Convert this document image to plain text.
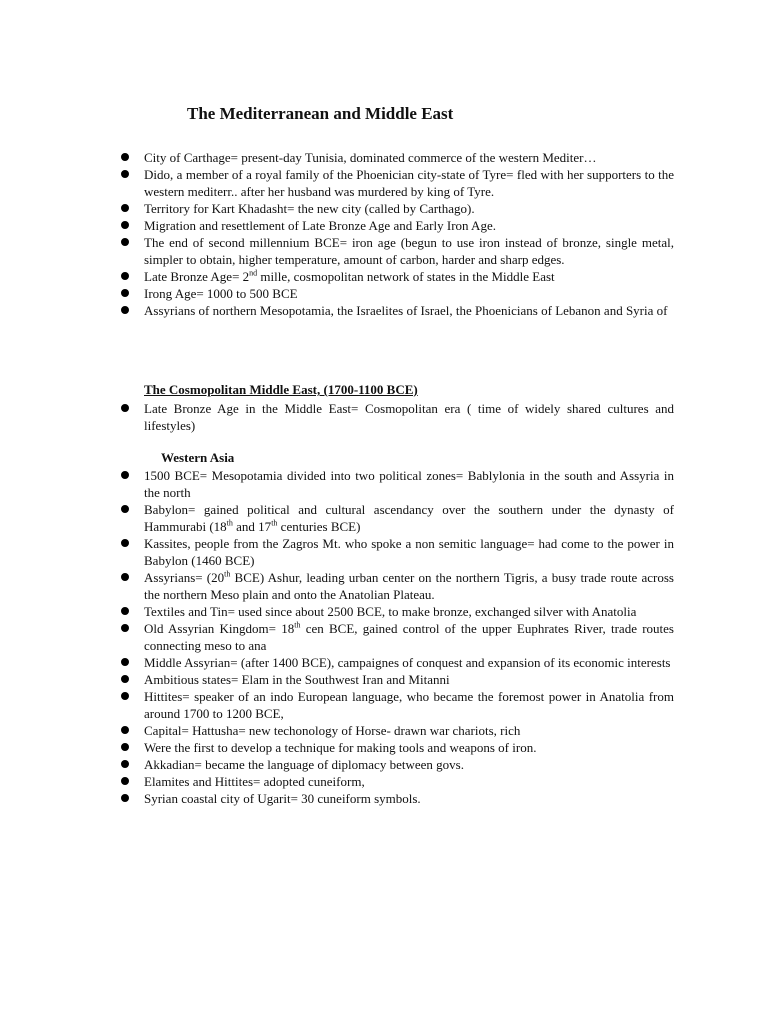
The Mediterranean and Middle East
City of Carthage= present-day Tunisia, dominated commerce of the western Mediter…
Dido, a member of a royal family of the Phoenician city-state of Tyre= fled with her supporters to the western mediterr.. after her husband was murdered by king of Tyre.
Territory for Kart Khadasht= the new city (called by Carthago).
Migration and resettlement of Late Bronze Age and Early Iron Age.
The end of second millennium BCE= iron age (begun to use iron instead of bronze, single metal, simpler to obtain, higher temperature, amount of carbon, harder and sharp edges.
Late Bronze Age= 2nd mille, cosmopolitan network of states in the Middle East
Irong Age= 1000 to 500 BCE
Assyrians of northern Mesopotamia, the Israelites of Israel, the Phoenicians of Lebanon and Syria of
The Cosmopolitan Middle East, (1700-1100 BCE)
Late Bronze Age in the Middle East= Cosmopolitan era ( time of widely shared cultures and lifestyles)
Western Asia
1500 BCE= Mesopotamia divided into two political zones= Bablylonia in the south and Assyria in the north
Babylon= gained political and cultural ascendancy over the southern under the dynasty of Hammurabi (18th and 17th centuries BCE)
Kassites, people from the Zagros Mt. who spoke a non semitic language= had come to the power in Babylon (1460 BCE)
Assyrians= (20th BCE) Ashur, leading urban center on the northern Tigris, a busy trade route across the northern Meso plain and onto the Anatolian Plateau.
Textiles and Tin= used since about 2500 BCE, to make bronze, exchanged silver with Anatolia
Old Assyrian Kingdom= 18th cen BCE, gained control of the upper Euphrates River, trade routes connecting meso to ana
Middle Assyrian= (after 1400 BCE), campaignes of conquest and expansion of its economic interests
Ambitious states= Elam in the Southwest Iran and Mitanni
Hittites= speaker of an indo European language, who became the foremost power in Anatolia from around 1700 to 1200 BCE,
Capital= Hattusha= new techonology of Horse- drawn war chariots, rich
Were the first to develop a technique for making tools and weapons of iron.
Akkadian= became the language of diplomacy between govs.
Elamites and Hittites= adopted cuneiform,
Syrian coastal city of Ugarit= 30 cuneiform symbols.
